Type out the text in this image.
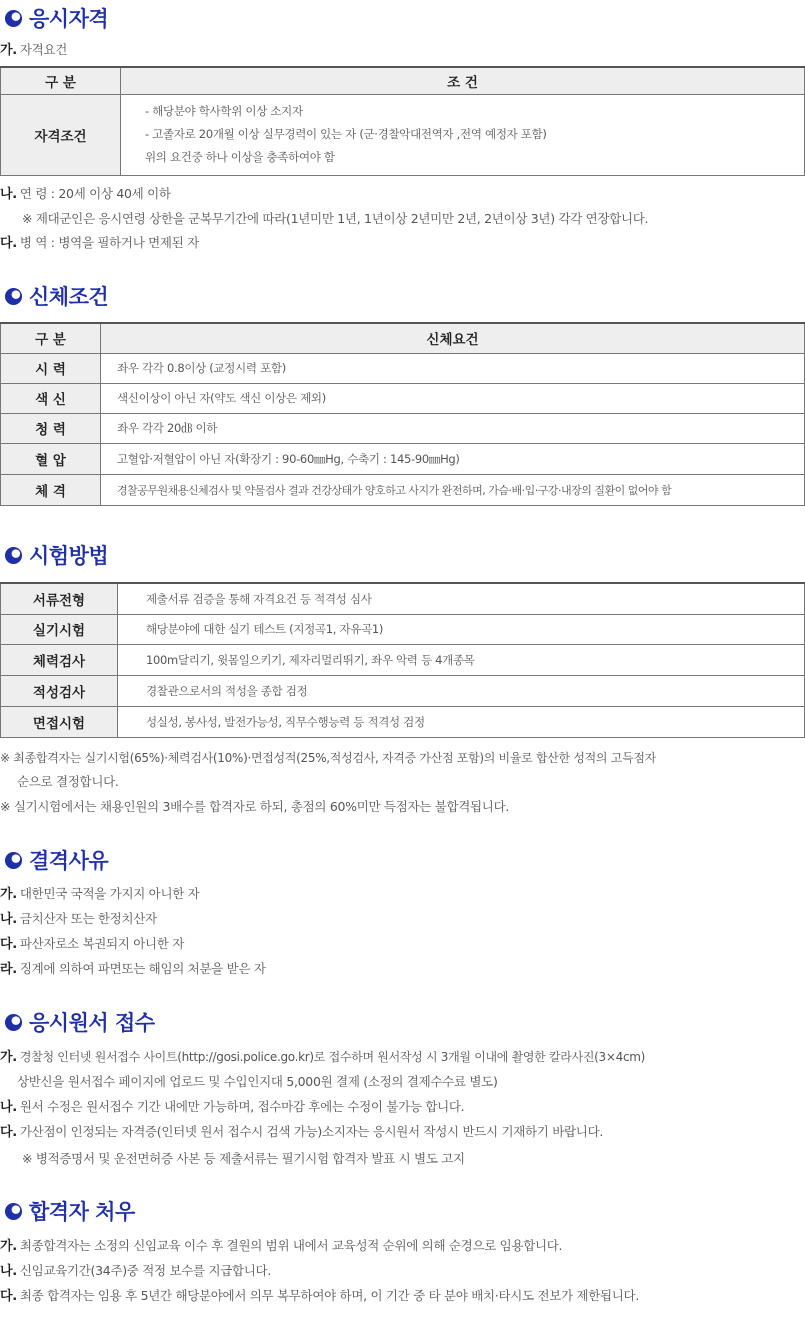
응시자격
가. 자격요건
구 분	조 건
자격조건	- 해당분야 학사학위 이상 소지자
- 고졸자로 20개월 이상 실무경력이 있는 자 (군·경찰악대전역자 ,전역 예정자 포함)
위의 요건중 하나 이상을 충족하여야 함
나. 연 령 : 20세 이상 40세 이하
※ 제대군인은 응시연령 상한을 군복무기간에 따라(1년미만 1년, 1년이상 2년미만 2년, 2년이상 3년) 각각 연장합니다.
다. 병 역 : 병역을 필하거나 면제된 자
신체조건
구 분	신체요건
시 력	좌우 각각 0.8이상 (교정시력 포함)
색 신	색신이상이 아닌 자(약도 색신 이상은 제외)
청 력	좌우 각각 20㏈ 이하
혈 압	고혈압·저혈압이 아닌 자(확장기 : 90-60㎜Hg, 수축기 : 145-90㎜Hg)
체 격	경찰공무원채용신체검사 및 약물검사 결과 건강상태가 양호하고 사지가 완전하며, 가슴·배·입·구강·내장의 질환이 없어야 함
시험방법
서류전형	제출서류 검증을 통해 자격요건 등 적격성 심사
실기시험	해당분야에 대한 실기 테스트 (지정곡1, 자유곡1)
체력검사	100m달리기, 윗몸일으키기, 제자리멀리뛰기, 좌우 악력 등 4개종목
적성검사	경찰관으로서의 적성을 종합 검정
면접시험	성실성, 봉사성, 발전가능성, 직무수행능력 등 적격성 검정
※ 최종합격자는 실기시험(65%)·체력검사(10%)·면접성적(25%,적성검사, 자격증 가산점 포함)의 비율로 합산한 성적의 고득점자
순으로 결정합니다.
※ 실기시험에서는 채용인원의 3배수를 합격자로 하되, 총점의 60%미만 득점자는 불합격됩니다.
결격사유
가. 대한민국 국적을 가지지 아니한 자
나. 금치산자 또는 한정치산자
다. 파산자로소 복권되지 아니한 자
라. 징계에 의하여 파면또는 해임의 처분을 받은 자
응시원서 접수
가. 경찰청 인터넷 원서접수 사이트(http://gosi.police.go.kr)로 접수하며 원서작성 시 3개월 이내에 촬영한 칼라사진(3×4cm)
상반신을 원서접수 페이지에 업로드 및 수입인지대 5,000원 결제 (소정의 결제수수료 별도)
나. 원서 수정은 원서접수 기간 내에만 가능하며, 접수마감 후에는 수정이 불가능 합니다.
다. 가산점이 인정되는 자격증(인터넷 원서 접수시 검색 가능)소지자는 응시원서 작성시 반드시 기재하기 바랍니다.
※ 병적증명서 및 운전면허증 사본 등 제출서류는 필기시험 합격자 발표 시 별도 고지
합격자 처우
가. 최종합격자는 소정의 신임교육 이수 후 결원의 범위 내에서 교육성적 순위에 의해 순경으로 임용합니다.
나. 신임교육기간(34주)중 적정 보수를 지급합니다.
다. 최종 합격자는 임용 후 5년간 해당분야에서 의무 복무하여야 하며, 이 기간 중 타 분야 배치·타시도 전보가 제한됩니다.
